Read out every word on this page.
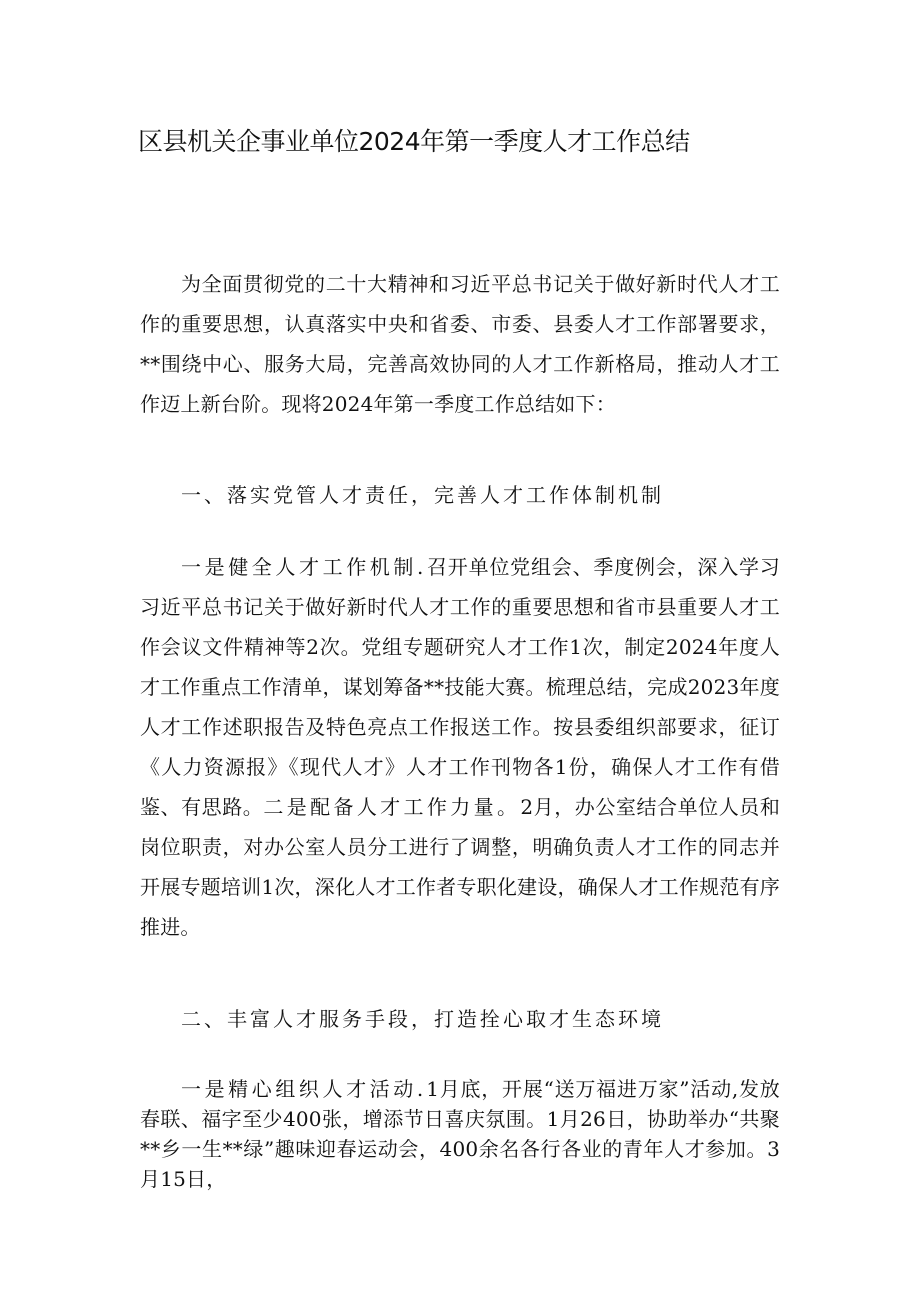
区县机关企事业单位2024年第一季度人才工作总结

为全面贯彻党的二十大精神和习近平总书记关于做好新时代人才工作的重要思想，认真落实中央和省委、市委、县委人才工作部署要求，**围绕中心、服务大局，完善高效协同的人才工作新格局，推动人才工作迈上新台阶。现将2024年第一季度工作总结如下：

一、落实党管人才责任，完善人才工作体制机制

一是健全人才工作机制.召开单位党组会、季度例会，深入学习习近平总书记关于做好新时代人才工作的重要思想和省市县重要人才工作会议文件精神等2次。党组专题研究人才工作1次，制定2024年度人才工作重点工作清单，谋划筹备**技能大赛。梳理总结，完成2023年度人才工作述职报告及特色亮点工作报送工作。按县委组织部要求，征订《人力资源报》《现代人才》人才工作刊物各1份，确保人才工作有借鉴、有思路。二是配备人才工作力量。2月，办公室结合单位人员和岗位职责，对办公室人员分工进行了调整，明确负责人才工作的同志并开展专题培训1次，深化人才工作者专职化建设，确保人才工作规范有序推进。

二、丰富人才服务手段，打造拴心取才生态环境

一是精心组织人才活动.1月底，开展“送万福进万家”活动,发放春联、福字至少400张，增添节日喜庆氛围。1月26日，协助举办“共聚**乡一生**绿”趣味迎春运动会，400余名各行各业的青年人才参加。3月15日，
